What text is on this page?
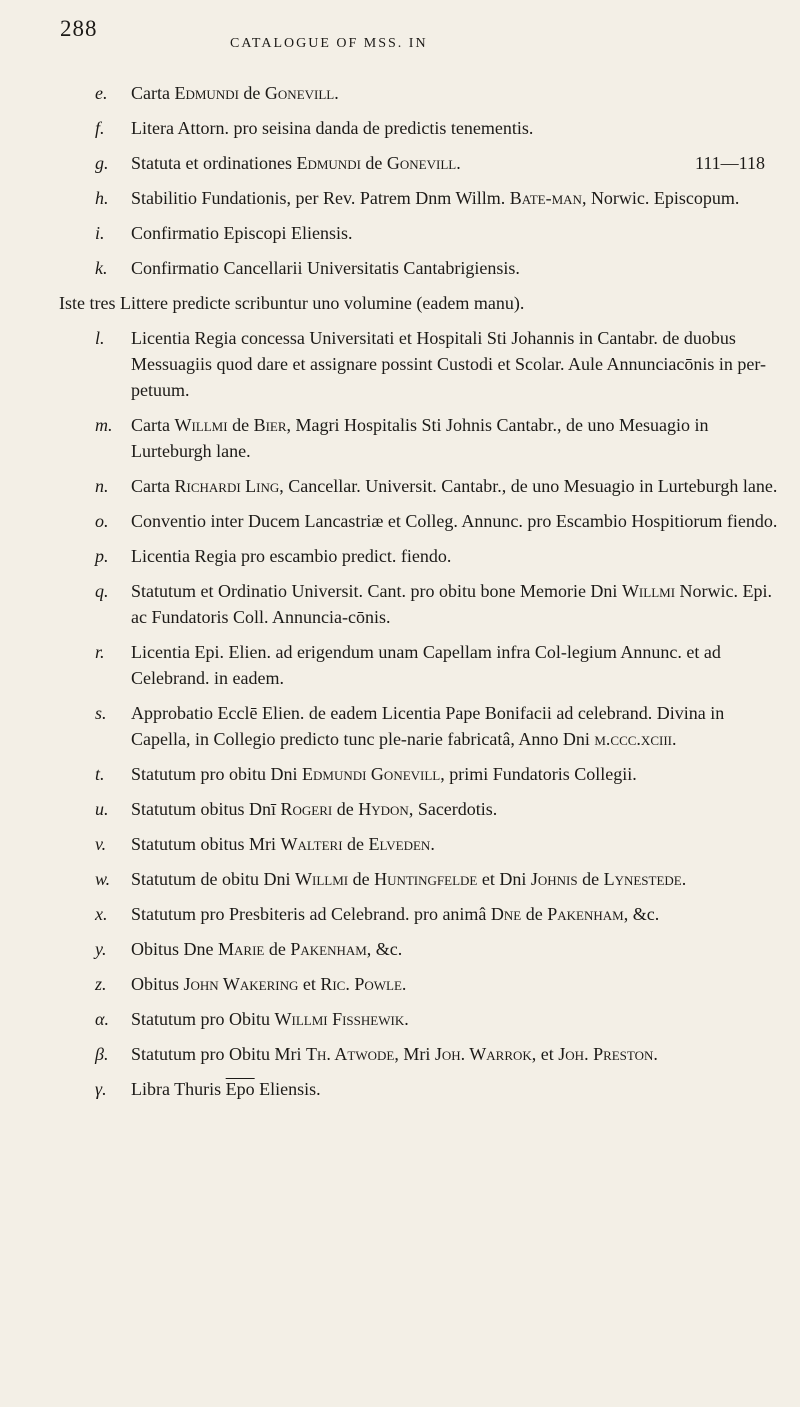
288
CATALOGUE OF MSS. IN
e. Carta Edmundi de Gonevill.
f. Litera Attorn. pro seisina danda de predictis tenementis.
g. Statuta et ordinationes Edmundi de Gonevill.	111—118
h. Stabilitio Fundationis, per Rev. Patrem Dnm Willm. Bate-man, Norwic. Episcopum.
i. Confirmatio Episcopi Eliensis.
k. Confirmatio Cancellarii Universitatis Cantabrigiensis.

Iste tres Littere predicte scribuntur uno volumine (eadem manu).

l. Licentia Regia concessa Universitati et Hospitali Sti Johannis in Cantabr. de duobus Messuagiis quod dare et assignare possint Custodi et Scolar. Aule Annunciacōnis in per-petuum.
m. Carta Willmi de Bier, Magri Hospitalis Sti Johnis Cantabr., de uno Mesuagio in Lurteburgh lane.
n. Carta Richardi Ling, Cancellar. Universit. Cantabr., de uno Mesuagio in Lurteburgh lane.
o. Conventio inter Ducem Lancastriæ et Colleg. Annunc. pro Escambio Hospitiorum fiendo.
p. Licentia Regia pro escambio predict. fiendo.
q. Statutum et Ordinatio Universit. Cant. pro obitu bone Memorie Dni Willmi Norwic. Epi. ac Fundatoris Coll. Annuncia-cōnis.
r. Licentia Epi. Elien. ad erigendum unam Capellam infra Col-legium Annunc. et ad Celebrand. in eadem.
s. Approbatio Ecclē Elien. de eadem Licentia Pape Bonifacii ad celebrand. Divina in Capella, in Collegio predicto tunc ple-narie fabricatâ, Anno Dni m.ccc.xciii.
t. Statutum pro obitu Dni Edmundi Gonevill, primi Fundatoris Collegii.
u. Statutum obitus Dnī Rogeri de Hydon, Sacerdotis.
v. Statutum obitus Mri Walteri de Elveden.
w. Statutum de obitu Dni Willmi de Huntingfelde et Dni Johnis de Lynestede.
x. Statutum pro Presbiteris ad Celebrand. pro animâ Dne de Pakenham, &c.
y. Obitus Dne Marie de Pakenham, &c.
z. Obitus John Wakering et Ric. Powle.
α. Statutum pro Obitu Willmi Fisshewik.
β. Statutum pro Obitu Mri Th. Atwode, Mri Joh. Warrok, et Joh. Preston.
γ. Libra Thuris $\overline{Epo}$ Eliensis.
